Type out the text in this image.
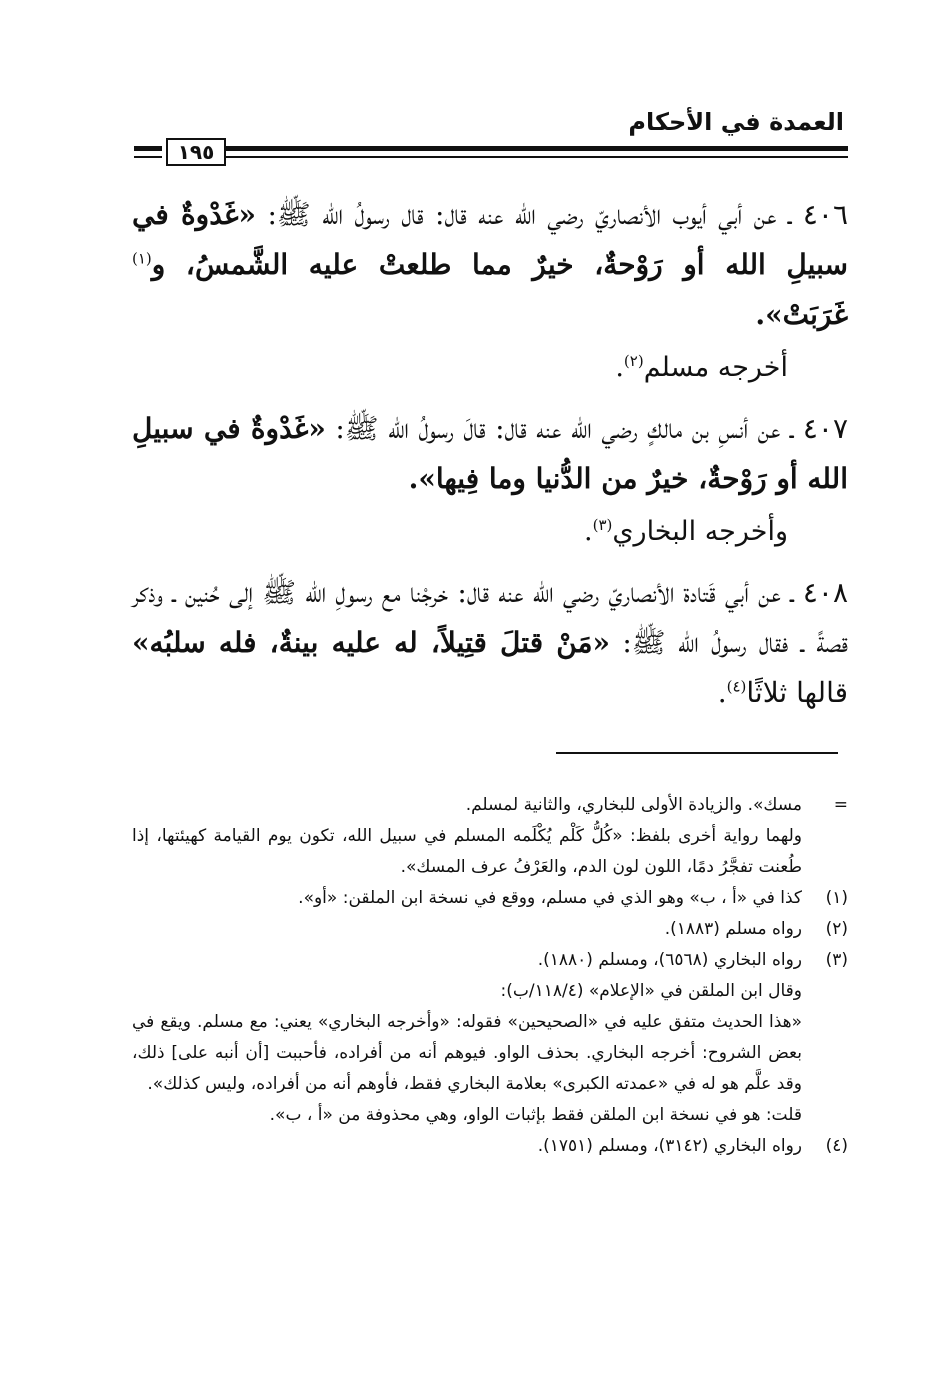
العمدة في الأحكام
١٩٥

٤٠٦ ـ عن أبي أيوب الأنصاريّ رضي الله عنه قال: قال رسولُ الله ﷺ: «غَدْوةٌ في سبيلِ الله أو رَوْحةٌ، خيرٌ مما طلعتْ عليه الشَّمسُ، و$^{(١)}$ غَرَبَتْ».

أخرجه مسلم$^{(٢)}$.

٤٠٧ ـ عن أنسِ بن مالكٍ رضي الله عنه قال: قالَ رسولُ الله ﷺ: «غَدْوةٌ في سبيلِ الله أو رَوْحةٌ، خيرٌ من الدُّنيا وما فِيها».

وأخرجه البخاري$^{(٣)}$.

٤٠٨ ـ عن أبي قَتادة الأنصاريّ رضي الله عنه قال: خرجْنا مع رسولِ الله ﷺ إلى حُنين ـ وذكر قصةً ـ فقال رسولُ الله ﷺ: «مَنْ قتلَ قتِيلاً، له عليه بينةٌ، فله سلبُه» قالها ثلاثًا$^{(٤)}$.

=
مسك». والزيادة الأولى للبخاري، والثانية لمسلم.
ولهما رواية أخرى بلفظ: «كُلُّ كَلْم يُكْلَمه المسلم في سبيل الله، تكون يوم القيامة كهيئتها، إذا طُعنت تفجَّرُ دمًا، اللون لون الدم، والعَرْفُ عرف المسك».
(١)
كذا في «أ ، ب» وهو الذي في مسلم، ووقع في نسخة ابن الملقن: «أو».
(٢)
رواه مسلم (١٨٨٣).
(٣)
رواه البخاري (٦٥٦٨)، ومسلم (١٨٨٠).
وقال ابن الملقن في «الإعلام» (١١٨/٤/ب):
«هذا الحديث متفق عليه في «الصحيحين» فقوله: «وأخرجه البخاري» يعني: مع مسلم. ويقع في بعض الشروح: أخرجه البخاري. بحذف الواو. فيوهم أنه من أفراده، فأحببت [أن أنبه على] ذلك، وقد علَّم هو له في «عمدته الكبرى» بعلامة البخاري فقط، فأوهم أنه من أفراده، وليس كذلك».
قلت: هو في نسخة ابن الملقن فقط بإثبات الواو، وهي محذوفة من «أ ، ب».
(٤)
رواه البخاري (٣١٤٢)، ومسلم (١٧٥١).
